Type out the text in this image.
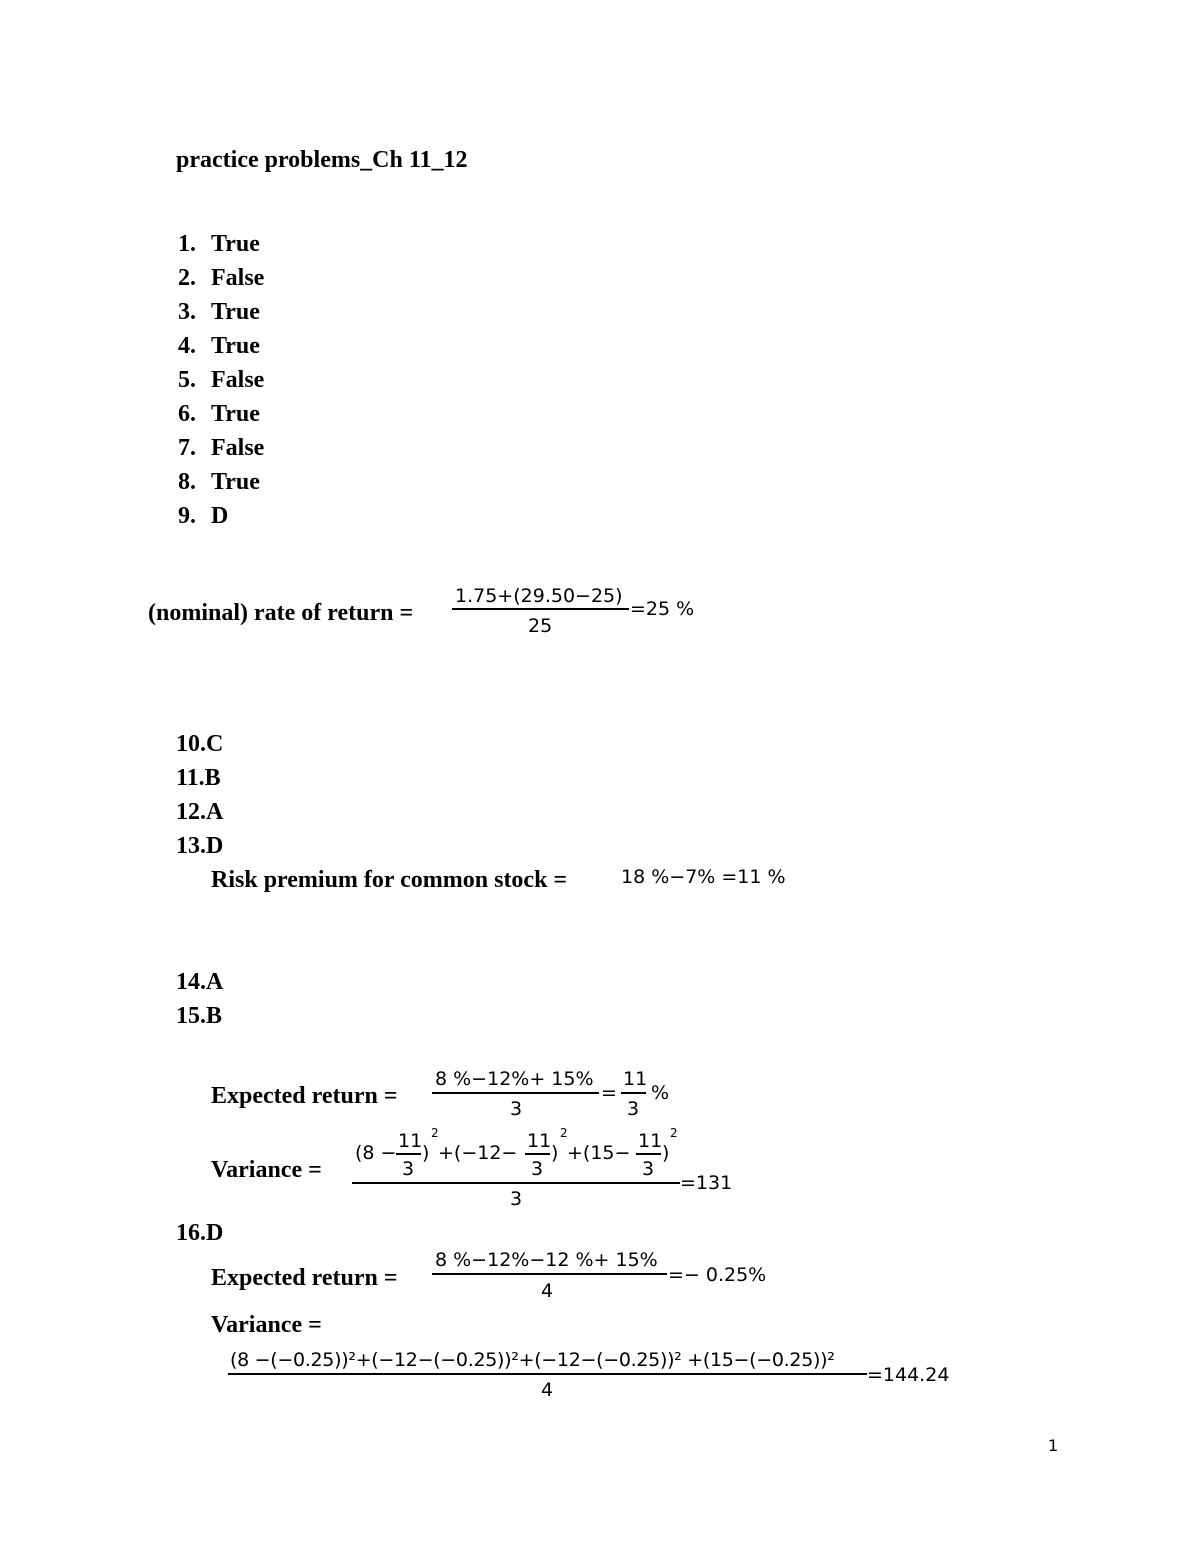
practice problems_Ch 11_12
1. True
2. False
3. True
4. True
5. False
6. True
7. False
8. True
9. D
(nominal) rate of return =
1.75+(29.50−25)
25
=25 %
10.C
11.B
12.A
13.D
Risk premium for common stock =	18 %−7% =11 %
14.A
15.B
Expected return =
8 %−12%+ 15%
3
=
11
3
%
Variance =
(8 −
11
3
)
2
+(−12−
11
3
)
2
+(15−
11
3
)
2
3
=131
16.D
Expected return =
8 %−12%−12 %+ 15%
4
=− 0.25%
Variance =
(8 −(−0.25))²+(−12−(−0.25))²+(−12−(−0.25))² +(15−(−0.25))²
4
=144.24
1
